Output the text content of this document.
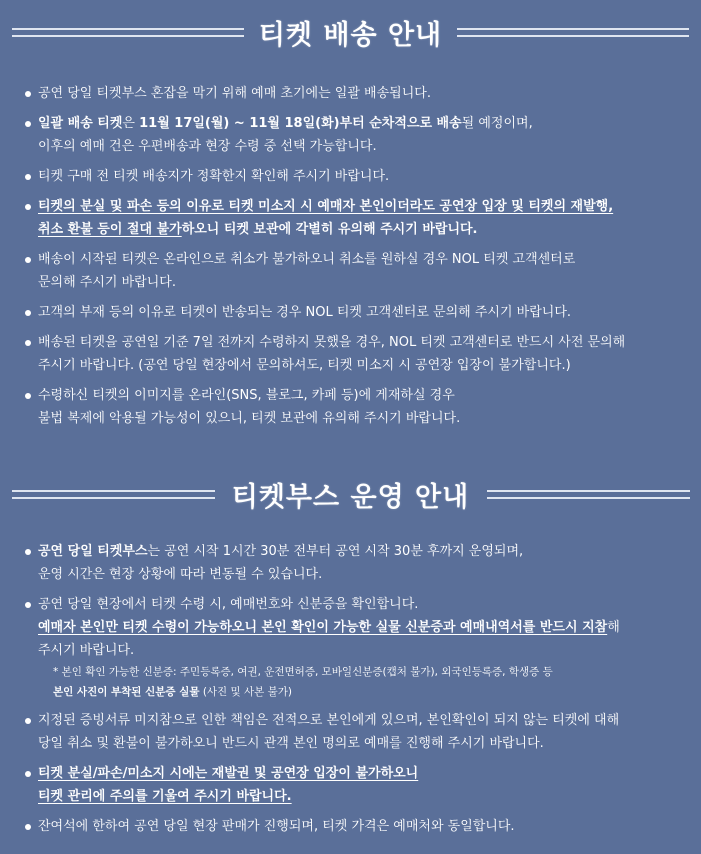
티켓 배송 안내
공연 당일 티켓부스 혼잡을 막기 위해 예매 초기에는 일괄 배송됩니다.
일괄 배송 티켓은 11월 17일(월) ~ 11월 18일(화)부터 순차적으로 배송될 예정이며,
이후의 예매 건은 우편배송과 현장 수령 중 선택 가능합니다.
티켓 구매 전 티켓 배송지가 정확한지 확인해 주시기 바랍니다.
티켓의 분실 및 파손 등의 이유로 티켓 미소지 시 예매자 본인이더라도 공연장 입장 및 티켓의 재발행,
취소 환불 등이 절대 불가하오니 티켓 보관에 각별히 유의해 주시기 바랍니다.
배송이 시작된 티켓은 온라인으로 취소가 불가하오니 취소를 원하실 경우 NOL 티켓 고객센터로
문의해 주시기 바랍니다.
고객의 부재 등의 이유로 티켓이 반송되는 경우 NOL 티켓 고객센터로 문의해 주시기 바랍니다.
배송된 티켓을 공연일 기준 7일 전까지 수령하지 못했을 경우, NOL 티켓 고객센터로 반드시 사전 문의해
주시기 바랍니다. (공연 당일 현장에서 문의하셔도, 티켓 미소지 시 공연장 입장이 불가합니다.)
수령하신 티켓의 이미지를 온라인(SNS, 블로그, 카페 등)에 게재하실 경우
불법 복제에 악용될 가능성이 있으니, 티켓 보관에 유의해 주시기 바랍니다.
티켓부스 운영 안내
공연 당일 티켓부스는 공연 시작 1시간 30분 전부터 공연 시작 30분 후까지 운영되며,
운영 시간은 현장 상황에 따라 변동될 수 있습니다.
공연 당일 현장에서 티켓 수령 시, 예매번호와 신분증을 확인합니다.
예매자 본인만 티켓 수령이 가능하오니 본인 확인이 가능한 실물 신분증과 예매내역서를 반드시 지참해
주시기 바랍니다.
* 본인 확인 가능한 신분증: 주민등록증, 여권, 운전면허증, 모바일신분증(캡처 불가), 외국인등록증, 학생증 등
본인 사진이 부착된 신분증 실물 (사진 및 사본 불가)
지정된 증빙서류 미지참으로 인한 책임은 전적으로 본인에게 있으며, 본인확인이 되지 않는 티켓에 대해
당일 취소 및 환불이 불가하오니 반드시 관객 본인 명의로 예매를 진행해 주시기 바랍니다.
티켓 분실/파손/미소지 시에는 재발권 및 공연장 입장이 불가하오니
티켓 관리에 주의를 기울여 주시기 바랍니다.
잔여석에 한하여 공연 당일 현장 판매가 진행되며, 티켓 가격은 예매처와 동일합니다.
